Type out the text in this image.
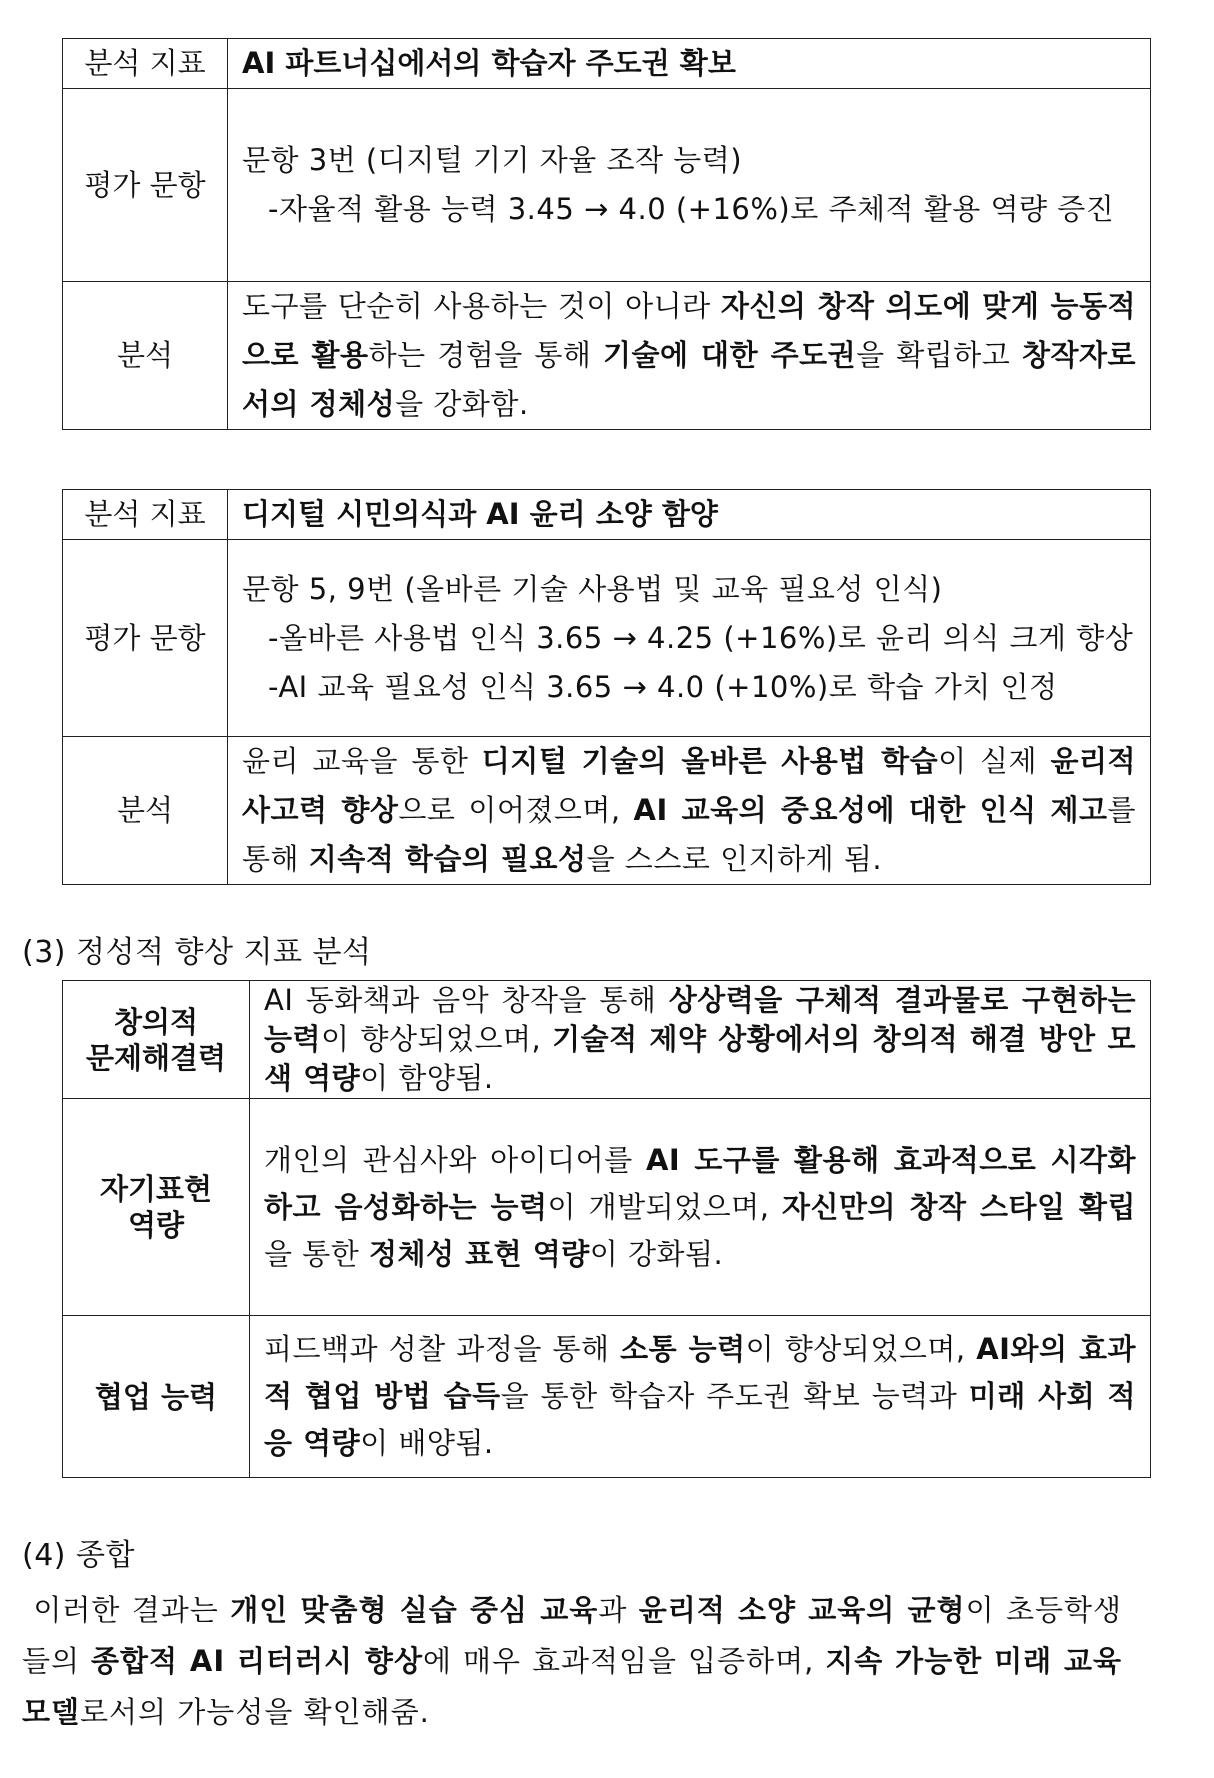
분석 지표	AI 파트너십에서의 학습자 주도권 확보
평가 문항	문항 3번 (디지털 기기 자율 조작 능력)
-자율적 활용 능력 3.45 → 4.0 (+16%)로 주체적 활용 역량 증진

분석	도구를 단순히 사용하는 것이 아니라 자신의 창작 의도에 맞게 능동적으로 활용하는 경험을 통해 기술에 대한 주도권을 확립하고 창작자로서의 정체성을 강화함.
분석 지표	디지털 시민의식과 AI 윤리 소양 함양
평가 문항	문항 5, 9번 (올바른 기술 사용법 및 교육 필요성 인식)
-올바른 사용법 인식 3.65 → 4.25 (+16%)로 윤리 의식 크게 향상
-AI 교육 필요성 인식 3.65 → 4.0 (+10%)로 학습 가치 인정

분석	윤리 교육을 통한 디지털 기술의 올바른 사용법 학습이 실제 윤리적 사고력 향상으로 이어졌으며, AI 교육의 중요성에 대한 인식 제고를 통해 지속적 학습의 필요성을 스스로 인지하게 됨.
(3) 정성적 향상 지표 분석
창의적
문제해결력	AI 동화책과 음악 창작을 통해 상상력을 구체적 결과물로 구현하는 능력이 향상되었으며, 기술적 제약 상황에서의 창의적 해결 방안 모색 역량이 함양됨.

자기표현
역량	개인의 관심사와 아이디어를 AI 도구를 활용해 효과적으로 시각화하고 음성화하는 능력이 개발되었으며, 자신만의 창작 스타일 확립을 통한 정체성 표현 역량이 강화됨.

협업 능력	피드백과 성찰 과정을 통해 소통 능력이 향상되었으며, AI와의 효과적 협업 방법 습득을 통한 학습자 주도권 확보 능력과 미래 사회 적응 역량이 배양됨.
(4) 종합
이러한 결과는 개인 맞춤형 실습 중심 교육과 윤리적 소양 교육의 균형이 초등학생들의 종합적 AI 리터러시 향상에 매우 효과적임을 입증하며, 지속 가능한 미래 교육 모델로서의 가능성을 확인해줌.
